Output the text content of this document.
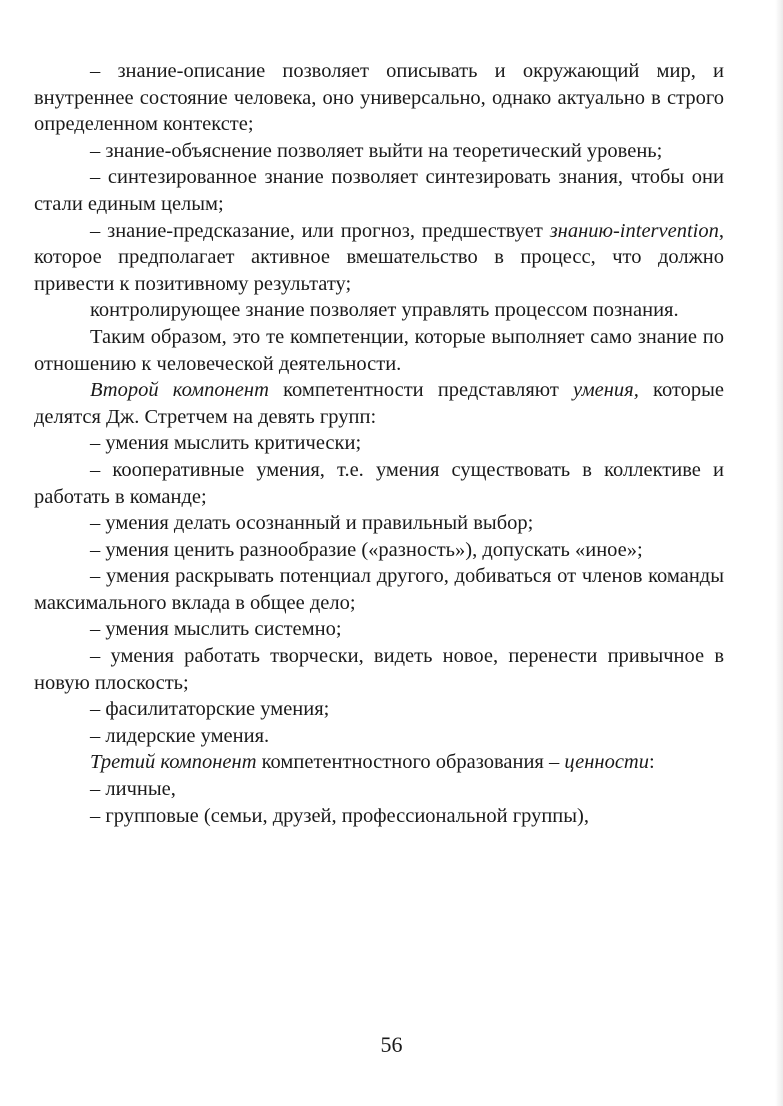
– знание-описание позволяет описывать и окружающий мир, и внутреннее состояние человека, оно универсально, однако актуально в строго определенном контексте;

– знание-объяснение позволяет выйти на теоретический уровень;

– синтезированное знание позволяет синтезировать знания, чтобы они стали единым целым;

– знание-предсказание, или прогноз, предшествует знанию-intervention, которое предполагает активное вмешательство в процесс, что должно привести к позитивному результату;

контролирующее знание позволяет управлять процессом познания.

Таким образом, это те компетенции, которые выполняет само знание по отношению к человеческой деятельности.

Второй компонент компетентности представляют умения, которые делятся Дж. Стретчем на девять групп:

– умения мыслить критически;

– кооперативные умения, т.е. умения существовать в коллективе и работать в команде;

– умения делать осознанный и правильный выбор;

– умения ценить разнообразие («разность»), допускать «иное»;

– умения раскрывать потенциал другого, добиваться от членов команды максимального вклада в общее дело;

– умения мыслить системно;

– умения работать творчески, видеть новое, перенести привычное в новую плоскость;

– фасилитаторские умения;

– лидерские умения.

Третий компонент компетентностного образования – ценности:

– личные,

– групповые (семьи, друзей, профессиональной группы),

56
